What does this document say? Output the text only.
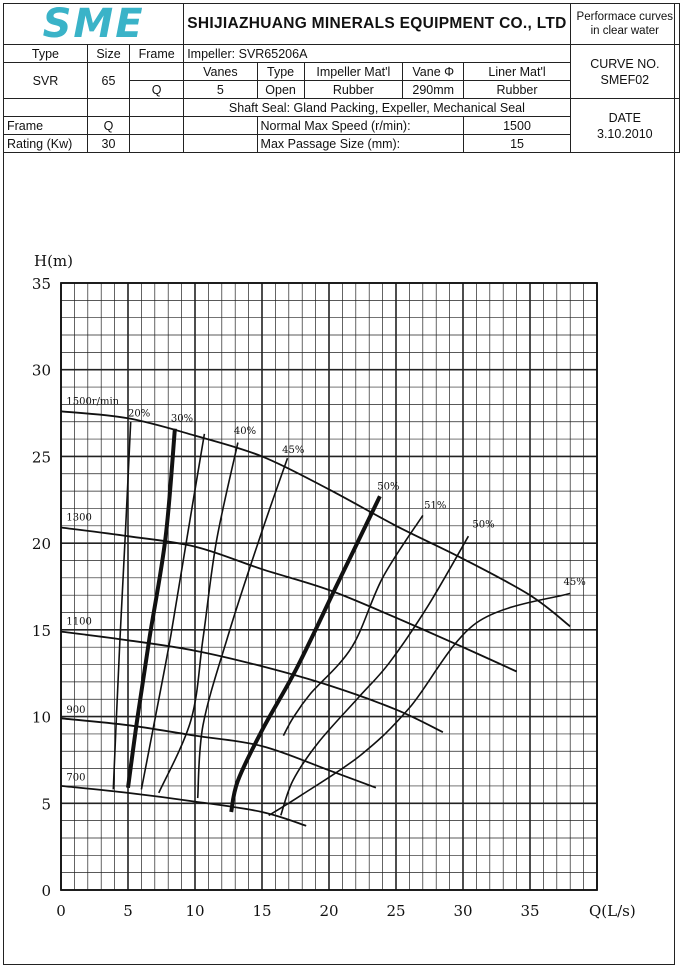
SME			SHIJIAZHUANG MINERALS EQUIPMENT CO., LTD					Performace curves in clear water
Type	Size	Frame	Impeller: SVR65206A					CURVE NO.
SMEF02
SVR	65		Vanes	Type	Impeller Mat'l	Vane Φ	Liner Mat'l	
		Q	5	Open	Rubber	290mm	Rubber	
			Shaft Seal: Gland Packing, Expeller, Mechanical Seal					DATE
3.10.2010
Frame	Q			Normal Max Speed (r/min):			1500	
Rating (Kw)	30			Max Passage Size (mm):			15	
0	5	10	15	20	25	30	35
0
5
10
15
20
25
30
35
1500r/min
1300
1100
900
700
20% 30%
40%
45%
50%
51%
50%
45%
H(m)
Q(L/s)
